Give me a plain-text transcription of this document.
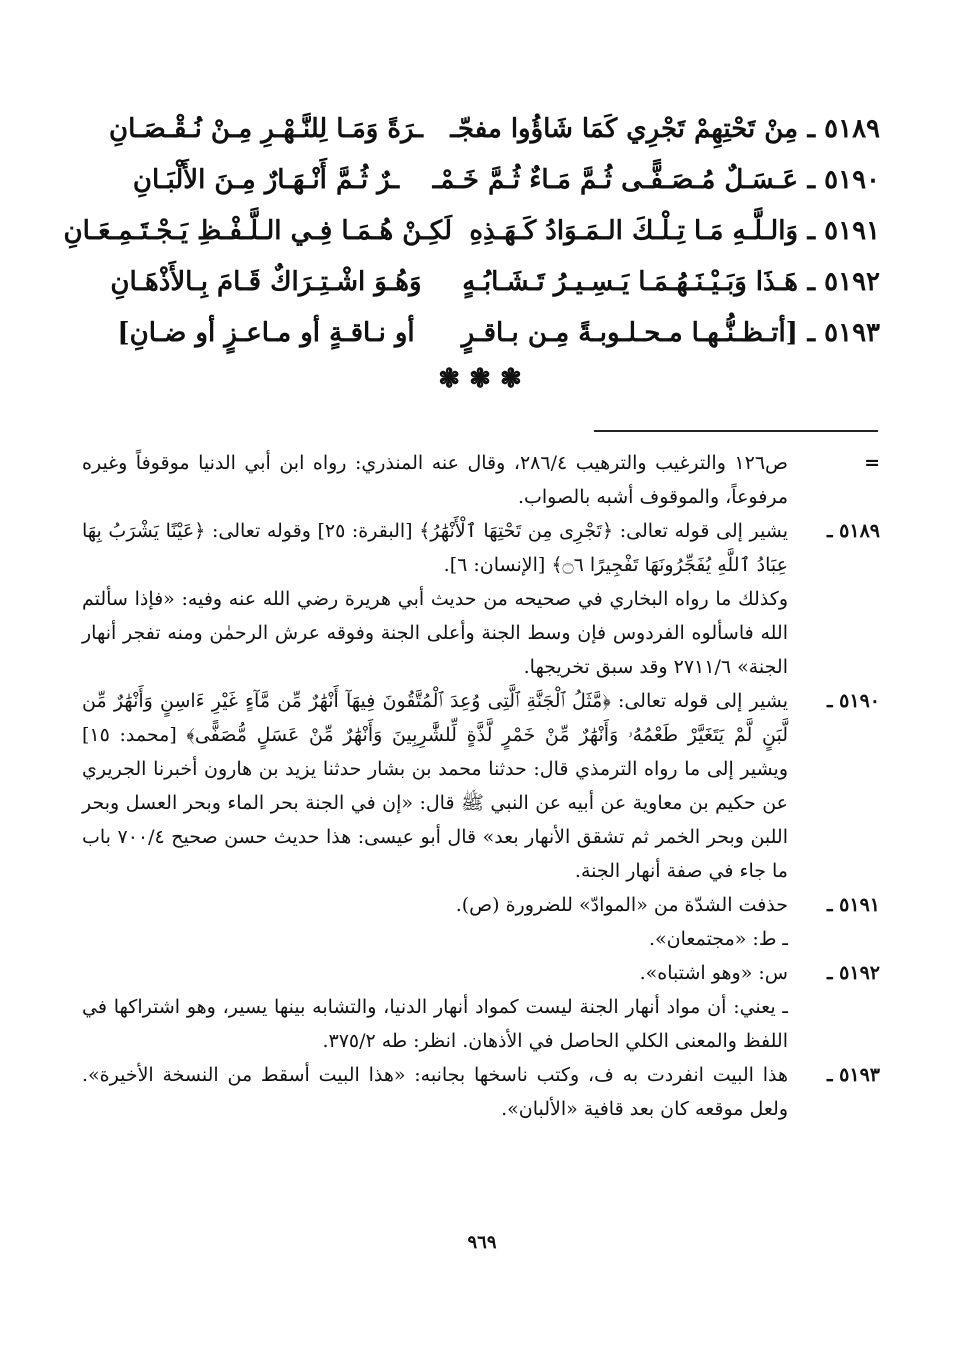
٥١٨٩ ـ
مِنْ تَحْتِهِمْ تَجْرِي كَمَا شَاؤُوا مفجّـ
ـرَةً وَمَـا لِلنَّـهْـرِ مِـنْ نُـقْـصَـانِ
٥١٩٠ ـ
عَـسَـلٌ مُـصَـفًّـى ثُـمَّ مَـاءٌ ثُـمَّ خَـمْـ
ـرٌ ثُـمَّ أَنْـهَـارٌ مِـنَ الأَلْبَـانِ
٥١٩١ ـ
وَالـلَّـهِ مَـا تِـلْـكَ الـمَـوَادُ كَـهَـذِهِ
لَكِـنْ هُـمَـا فِـي الـلَّـفْـظِ يَـجْـتَـمِـعَـانِ
٥١٩٢ ـ
هَـذَا وَبَـيْـنَـهُـمَـا يَـسِـيـرُ تَـشَـابُـهٍ
وَهُـوَ اشْـتِـرَاكٌ قَـامَ بِـالأَذْهَـانِ
٥١٩٣ ـ
[أتـظـنُّـهـا مـحـلـوبـةً مِـن بـاقـرٍ
أو نـاقـةٍ أو مـاعـزٍ أو ضـانِ]
❃ ❃ ❃
=

ص١٢٦ والترغيب والترهيب ٢٨٦/٤، وقال عنه المنذري: رواه ابن أبي الدنيا موقوفاً وغيره مرفوعاً، والموقوف أشبه بالصواب.

٥١٨٩ ـ

يشير إلى قوله تعالى: ﴿تَجْرِى مِن تَحْتِهَا ٱلْأَنْهَٰرُ﴾ [البقرة: ٢٥] وقوله تعالى: ﴿عَيْنًا يَشْرَبُ بِهَا عِبَادُ ٱللَّهِ يُفَجِّرُونَهَا تَفْجِيرًا ۝٦﴾ [الإنسان: ٦].

وكذلك ما رواه البخاري في صحيحه من حديث أبي هريرة رضي الله عنه وفيه: «فإذا سألتم الله فاسألوه الفردوس فإن وسط الجنة وأعلى الجنة وفوقه عرش الرحمٰن ومنه تفجر أنهار الجنة» ٢٧١١/٦ وقد سبق تخريجها.

٥١٩٠ ـ

يشير إلى قوله تعالى: ﴿مَّثَلُ ٱلْجَنَّةِ ٱلَّتِى وُعِدَ ٱلْمُتَّقُونَ فِيهَآ أَنْهَٰرٌ مِّن مَّآءٍ غَيْرِ ءَاسِنٍ وَأَنْهَٰرٌ مِّن لَّبَنٍ لَّمْ يَتَغَيَّرْ طَعْمُهُۥ وَأَنْهَٰرٌ مِّنْ خَمْرٍ لَّذَّةٍ لِّلشَّٰرِبِينَ وَأَنْهَٰرٌ مِّنْ عَسَلٍ مُّصَفًّى﴾ [محمد: ١٥] ويشير إلى ما رواه الترمذي قال: حدثنا محمد بن بشار حدثنا يزيد بن هارون أخبرنا الجريري عن حكيم بن معاوية عن أبيه عن النبي ﷺ قال: «إن في الجنة بحر الماء وبحر العسل وبحر اللبن وبحر الخمر ثم تشقق الأنهار بعد» قال أبو عيسى: هذا حديث حسن صحيح ٧٠٠/٤ باب ما جاء في صفة أنهار الجنة.

٥١٩١ ـ

حذفت الشدّة من «الموادّ» للضرورة (ص).

ـ ط: «مجتمعان».

٥١٩٢ ـ

س: «وهو اشتباه».

ـ يعني: أن مواد أنهار الجنة ليست كمواد أنهار الدنيا، والتشابه بينها يسير، وهو اشتراكها في اللفظ والمعنى الكلي الحاصل في الأذهان. انظر: طه ٣٧٥/٢.

٥١٩٣ ـ

هذا البيت انفردت به ف، وكتب ناسخها بجانبه: «هذا البيت أسقط من النسخة الأخيرة». ولعل موقعه كان بعد قافية «الألبان».

٩٦٩
